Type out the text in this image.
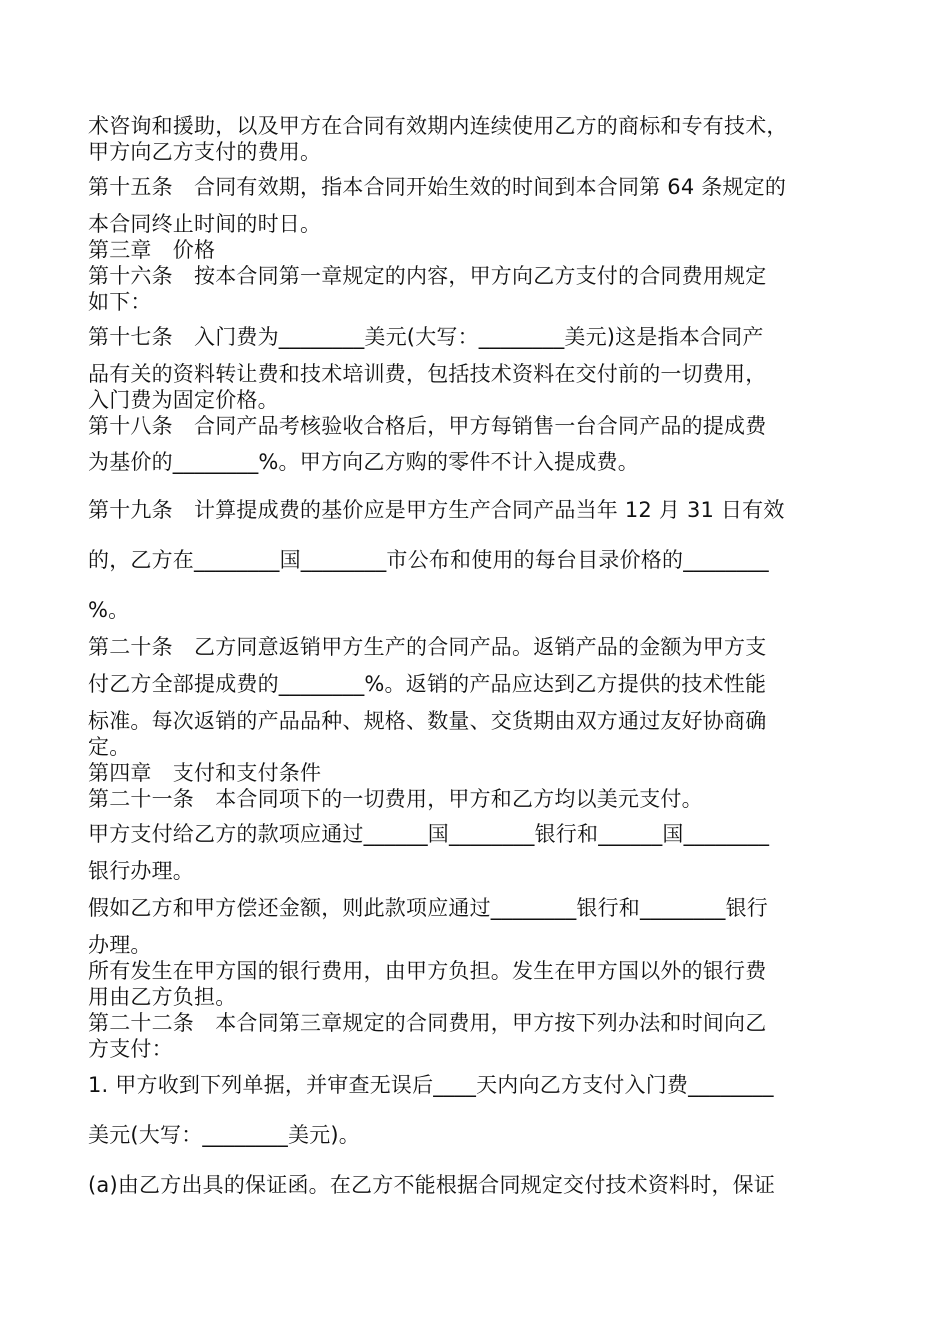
术咨询和援助，以及甲方在合同有效期内连续使用乙方的商标和专有技术，
甲方向乙方支付的费用。
第十五条　合同有效期，指本合同开始生效的时间到本合同第 64 条规定的
本合同终止时间的时日。
第三章　价格
第十六条　按本合同第一章规定的内容，甲方向乙方支付的合同费用规定
如下：
第十七条　入门费为________美元(大写：________美元)这是指本合同产
品有关的资料转让费和技术培训费，包括技术资料在交付前的一切费用，
入门费为固定价格。
第十八条　合同产品考核验收合格后，甲方每销售一台合同产品的提成费
为基价的________%。甲方向乙方购的零件不计入提成费。
第十九条　计算提成费的基价应是甲方生产合同产品当年 12 月 31 日有效
的，乙方在________国________市公布和使用的每台目录价格的________
%。
第二十条　乙方同意返销甲方生产的合同产品。返销产品的金额为甲方支
付乙方全部提成费的________%。返销的产品应达到乙方提供的技术性能
标准。每次返销的产品品种、规格、数量、交货期由双方通过友好协商确
定。
第四章　支付和支付条件
第二十一条　本合同项下的一切费用，甲方和乙方均以美元支付。
甲方支付给乙方的款项应通过______国________银行和______国________
银行办理。
假如乙方和甲方偿还金额，则此款项应通过________银行和________银行
办理。
所有发生在甲方国的银行费用，由甲方负担。发生在甲方国以外的银行费
用由乙方负担。
第二十二条　本合同第三章规定的合同费用，甲方按下列办法和时间向乙
方支付：
1. 甲方收到下列单据，并审查无误后____天内向乙方支付入门费________
美元(大写：________美元)。
(a)由乙方出具的保证函。在乙方不能根据合同规定交付技术资料时，保证
